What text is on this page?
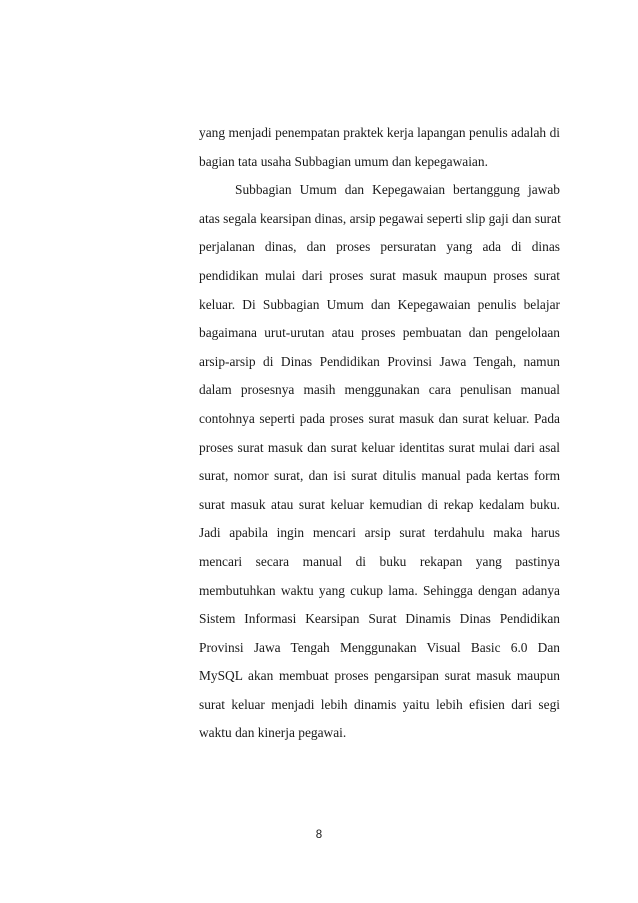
yang menjadi penempatan praktek kerja lapangan penulis adalah di
bagian tata usaha Subbagian umum dan kepegawaian.
Subbagian Umum dan Kepegawaian bertanggung jawab
atas segala kearsipan dinas, arsip pegawai seperti slip gaji dan surat
perjalanan dinas, dan proses persuratan yang ada di dinas
pendidikan mulai dari proses surat masuk maupun proses surat
keluar. Di Subbagian Umum dan Kepegawaian penulis belajar
bagaimana urut-urutan atau proses pembuatan dan pengelolaan
arsip-arsip di Dinas Pendidikan Provinsi Jawa Tengah, namun
dalam prosesnya masih menggunakan cara penulisan manual
contohnya seperti pada proses surat masuk dan surat keluar. Pada
proses surat masuk dan surat keluar identitas surat mulai dari asal
surat, nomor surat, dan isi surat ditulis manual pada kertas form
surat masuk atau surat keluar kemudian di rekap kedalam buku.
Jadi apabila ingin mencari arsip surat terdahulu maka harus
mencari secara manual di buku rekapan yang pastinya
membutuhkan waktu yang cukup lama. Sehingga dengan adanya
Sistem Informasi Kearsipan Surat Dinamis Dinas Pendidikan
Provinsi Jawa Tengah Menggunakan Visual Basic 6.0 Dan
MySQL akan membuat proses pengarsipan surat masuk maupun
surat keluar menjadi lebih dinamis yaitu lebih efisien dari segi
waktu dan kinerja pegawai.
8
